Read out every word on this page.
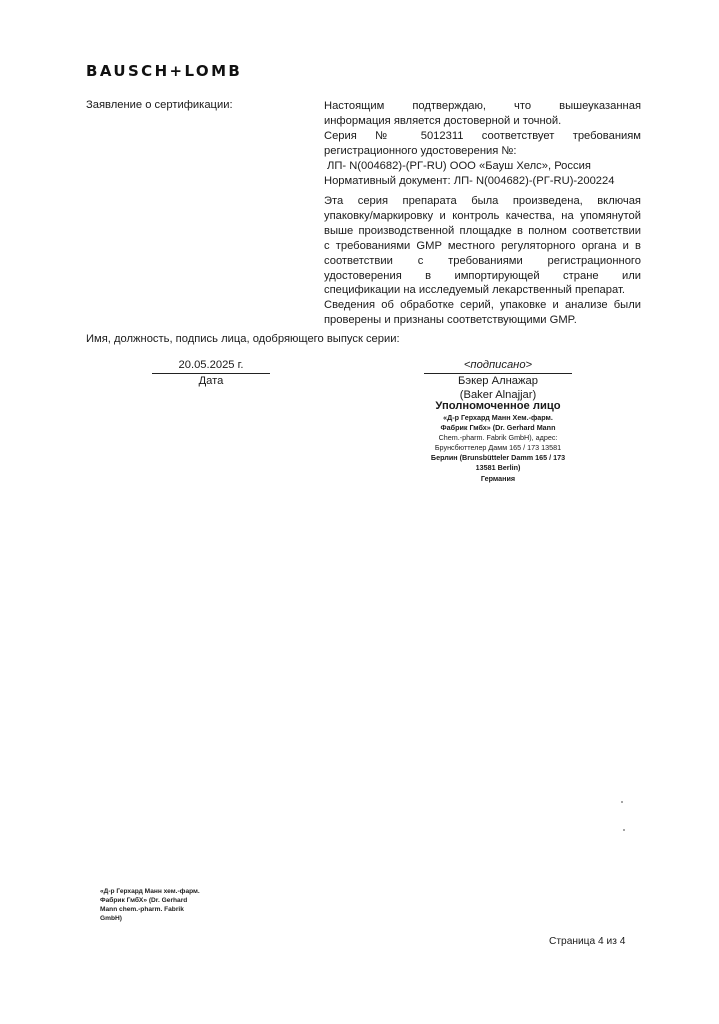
BAUSCH+LOMB
Заявление о сертификации:	Настоящим подтверждаю, что вышеуказанная

информация является достоверной и точной.

Серия № 5012311 соответствует требованиям

регистрационного удостоверения №:

ЛП- N(004682)-(РГ-RU) ООО «Бауш Хелс», Россия

Нормативный документ: ЛП- N(004682)-(РГ-RU)-200224

Эта серия препарата была произведена, включая

упаковку/маркировку и контроль качества, на упомянутой

выше производственной площадке в полном соответствии

с требованиями GMP местного регуляторного органа и в

соответствии с требованиями регистрационного

удостоверения в импортирующей стране или

спецификации на исследуемый лекарственный препарат.

Сведения об обработке серий, упаковке и анализе были

проверены и признаны соответствующими GMP.

Имя, должность, подпись лица, одобряющего выпуск серии:
20.05.2025 г.
Дата
<подписано>
Бэкер Алнажар
(Baker Alnajjar)
Уполномоченное лицо
«Д-р Герхард Манн Хем.-фарм.
Фабрик Гмбх» (Dr. Gerhard Mann
Chem.-pharm. Fabrik GmbH), адрес:
Брунсбюттелер Дамм 165 / 173 13581
Берлин (Brunsbütteler Damm 165 / 173
13581 Berlin)
Германия
«Д-р Герхард Манн хем.-фарм.
Фабрик ГмбХ» (Dr. Gerhard
Mann chem.-pharm. Fabrik
GmbH)
Страница 4 из 4
